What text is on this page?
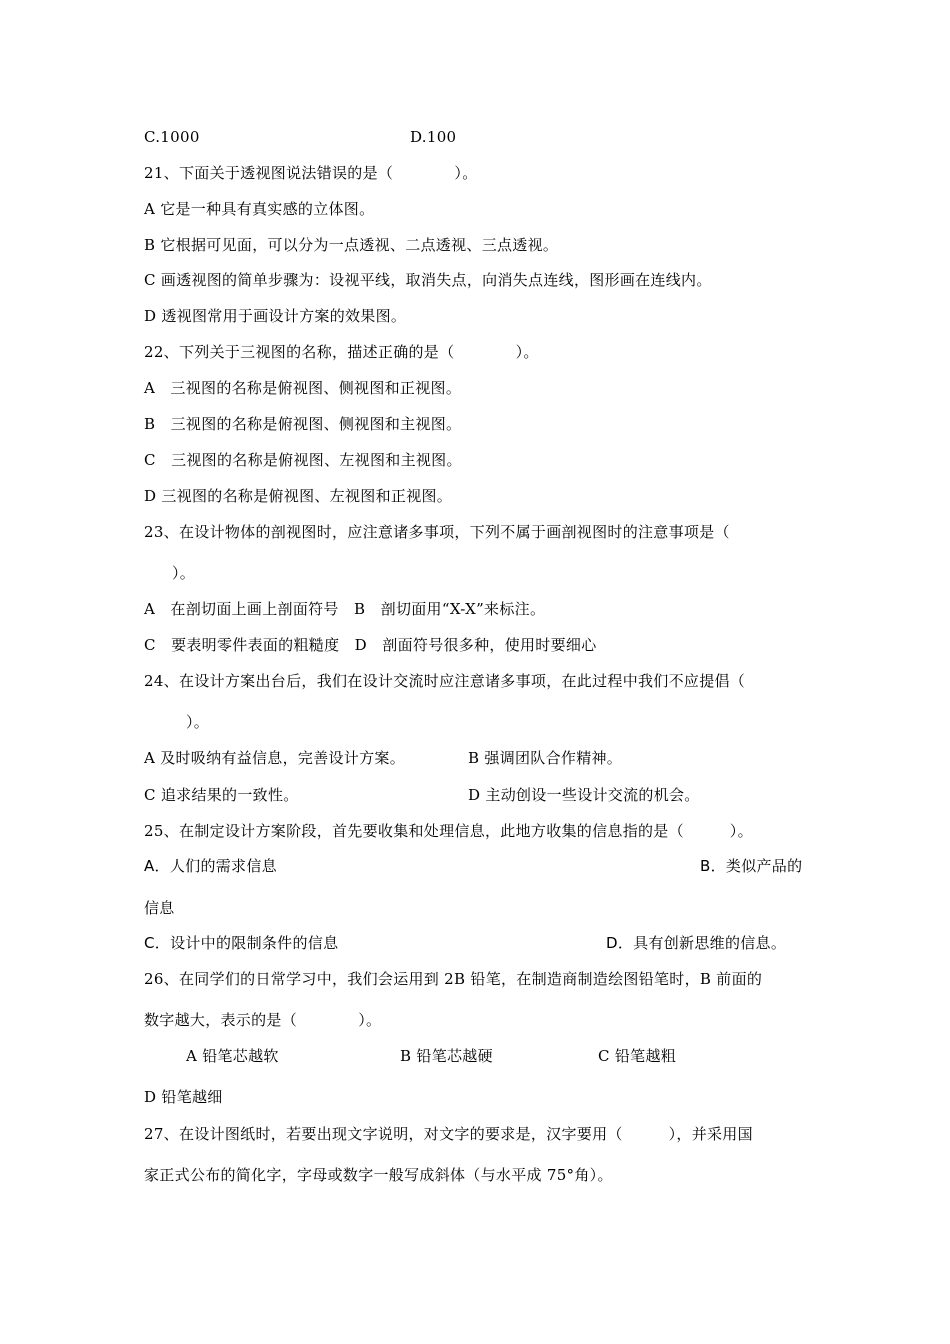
C.1000	D.100
21、下面关于透视图说法错误的是（　　　　）。
A 它是一种具有真实感的立体图。
B 它根据可见面，可以分为一点透视、二点透视、三点透视。
C 画透视图的简单步骤为：设视平线，取消失点，向消失点连线，图形画在连线内。
D 透视图常用于画设计方案的效果图。
22、下列关于三视图的名称，描述正确的是（　　　　）。
A　三视图的名称是俯视图、侧视图和正视图。
B　三视图的名称是俯视图、侧视图和主视图。
C　三视图的名称是俯视图、左视图和主视图。
D 三视图的名称是俯视图、左视图和正视图。
23、在设计物体的剖视图时，应注意诸多事项，下列不属于画剖视图时的注意事项是（
）。
A　在剖切面上画上剖面符号　B　剖切面用“X-X”来标注。
C　要表明零件表面的粗糙度　D　剖面符号很多种，使用时要细心
24、在设计方案出台后，我们在设计交流时应注意诸多事项，在此过程中我们不应提倡（
）。
A 及时吸纳有益信息，完善设计方案。	B 强调团队合作精神。
C 追求结果的一致性。	D 主动创设一些设计交流的机会。
25、在制定设计方案阶段，首先要收集和处理信息，此地方收集的信息指的是（　　　）。
A．人们的需求信息	B．类似产品的
信息
C．设计中的限制条件的信息	D．具有创新思维的信息。
26、在同学们的日常学习中，我们会运用到 2B 铅笔，在制造商制造绘图铅笔时，B 前面的
数字越大，表示的是（　　　　）。
A 铅笔芯越软	B 铅笔芯越硬	C 铅笔越粗
D 铅笔越细
27、在设计图纸时，若要出现文字说明，对文字的要求是，汉字要用（　　　），并采用国
家正式公布的简化字，字母或数字一般写成斜体（与水平成 75°角）。
